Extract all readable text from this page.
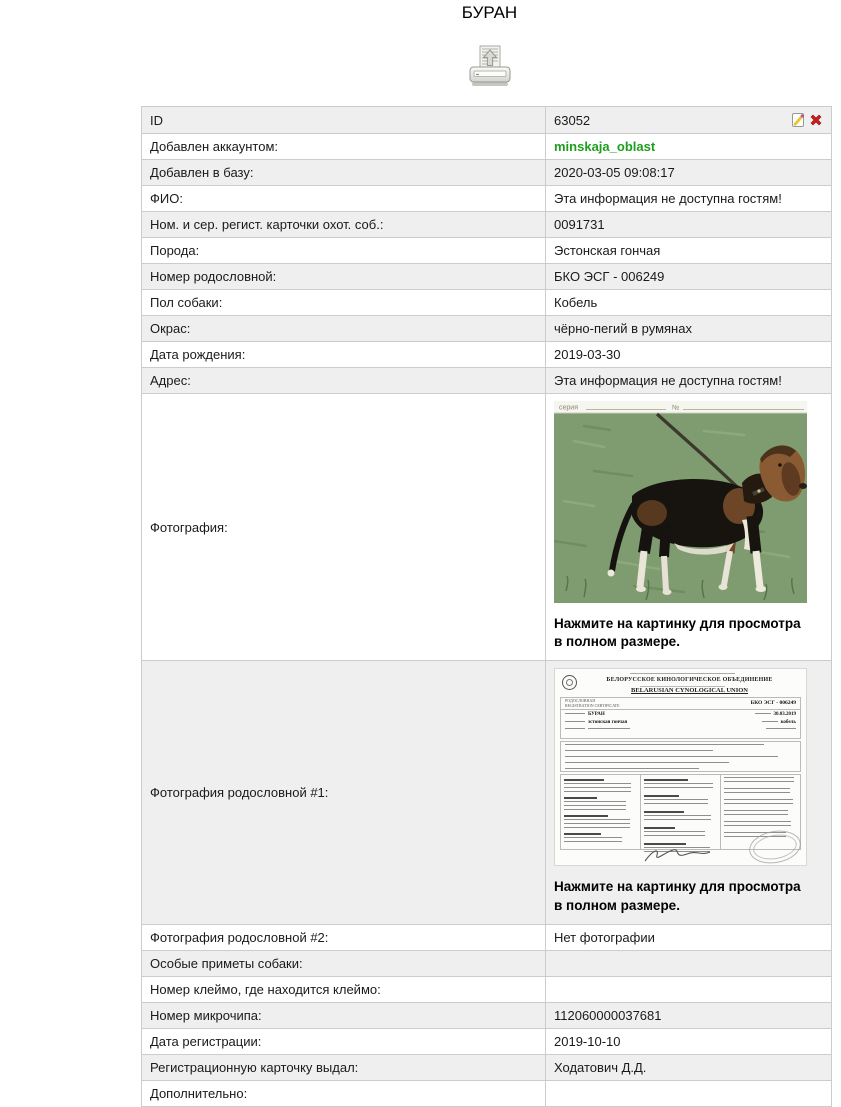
БУРАН
ID	63052

Добавлен аккаунтом:	minskaja_oblast
Добавлен в базу:	2020-03-05 09:08:17
ФИО:	Эта информация не доступна гостям!
Ном. и сер. регист. карточки охот. соб.:	0091731
Порода:	Эстонская гончая
Номер родословной:	БКО ЭСГ - 006249
Пол собаки:	Кобель
Окрас:	чёрно-пегий в румянах
Дата рождения:	2019-03-30
Адрес:	Эта информация не доступна гостям!
Фотография:	серия №
Нажмите на картинку для просмотра в полном размере.

Фотография родословной #1:	
БЕЛОРУССКОЕ КИНОЛОГИЧЕСКОЕ ОБЪЕДИНЕНИЕ
BELARUSIAN CYNOLOGICAL UNION
РОДОСЛОВНАЯ
REGISTRATION CERTIFICATE	БКО ЭСГ - 006249
БУРАН	30.03.2019
эстонская гончая	кобель
Нажмите на картинку для просмотра в полном размере.

Фотография родословной #2:	Нет фотографии
Особые приметы собаки:	
Номер клеймо, где находится клеймо:	
Номер микрочипа:	112060000037681
Дата регистрации:	2019-10-10
Регистрационную карточку выдал:	Ходатович Д.Д.
Дополнительно:	
